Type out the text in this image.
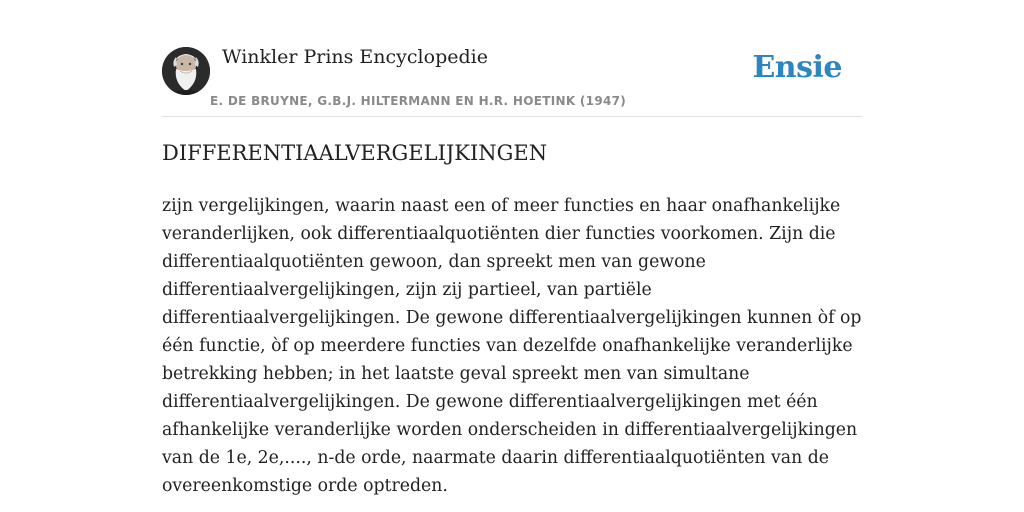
Winkler Prins Encyclopedie
E. DE BRUYNE, G.B.J. HILTERMANN EN H.R. HOETINK (1947)
Ensie
DIFFERENTIAALVERGELIJKINGEN

zijn vergelijkingen, waarin naast een of meer functies en haar onafhankelijke veranderlijken, ook differentiaalquotiënten dier functies voorkomen. Zijn die differentiaalquotiënten gewoon, dan spreekt men van gewone differentiaalvergelijkingen, zijn zij partieel, van partiële differentiaalvergelijkingen. De gewone differentiaalvergelijkingen kunnen òf op één functie, òf op meerdere functies van dezelfde onafhankelijke veranderlijke betrekking hebben; in het laatste geval spreekt men van simultane differentiaalvergelijkingen. De gewone differentiaalvergelijkingen met één afhankelijke veranderlijke worden onderscheiden in differentiaalvergelijkingen van de 1e, 2e,...., n-de orde, naarmate daarin differentiaalquotiënten van de overeenkomstige orde optreden.
